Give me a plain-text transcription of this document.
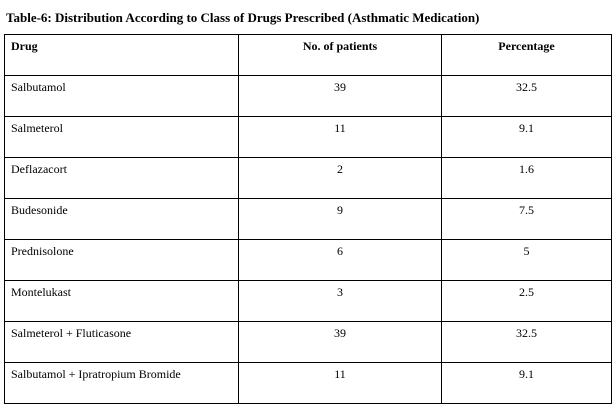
Table-6: Distribution According to Class of Drugs Prescribed (Asthmatic Medication)
Drug	No. of patients	Percentage

Salbutamol	39	32.5

Salmeterol	11	9.1

Deflazacort	2	1.6

Budesonide	9	7.5

Prednisolone	6	5

Montelukast	3	2.5

Salmeterol + Fluticasone	39	32.5

Salbutamol + Ipratropium Bromide	11	9.1
